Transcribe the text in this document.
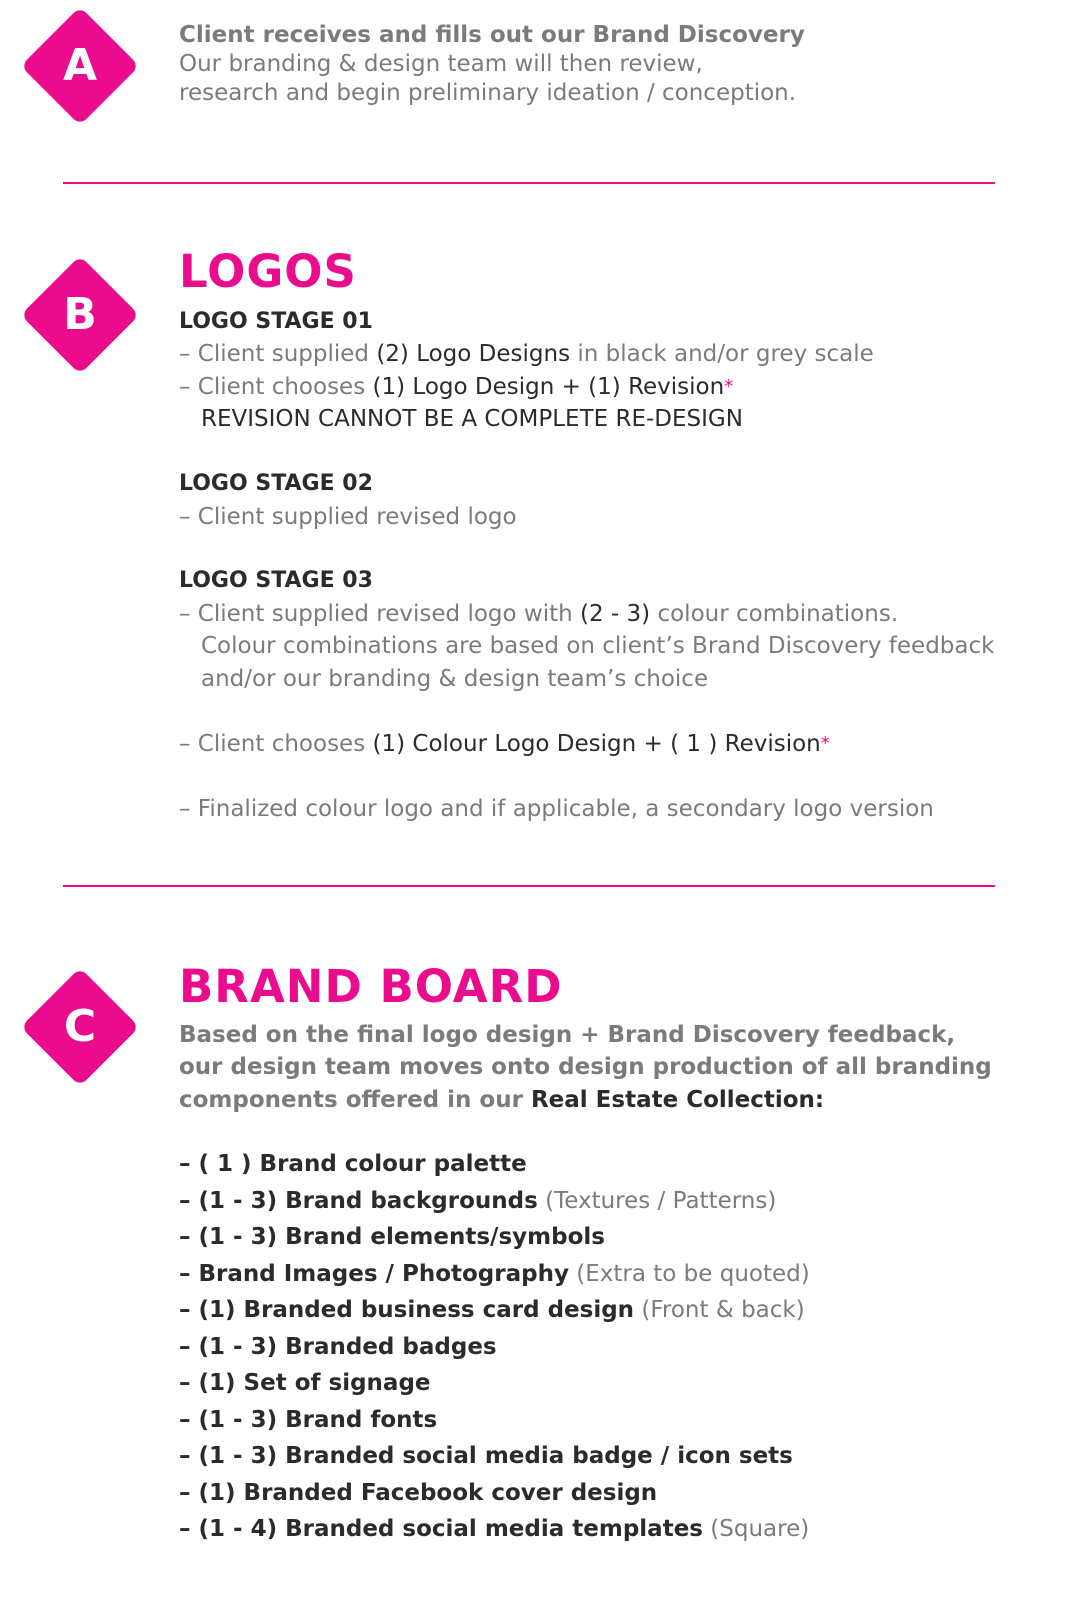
A
Client receives and fills out our Brand Discovery
Our branding & design team will then review,
research and begin preliminary ideation / conception.
B
LOGOS
LOGO STAGE 01
– Client supplied (2) Logo Designs in black and/or grey scale
– Client chooses (1) Logo Design + (1) Revision*
REVISION CANNOT BE A COMPLETE RE-DESIGN
LOGO STAGE 02
– Client supplied revised logo
LOGO STAGE 03
– Client supplied revised logo with (2 - 3) colour combinations.
Colour combinations are based on client’s Brand Discovery feedback
and/or our branding & design team’s choice
– Client chooses (1) Colour Logo Design + ( 1 ) Revision*
– Finalized colour logo and if applicable, a secondary logo version
C
BRAND BOARD
Based on the final logo design + Brand Discovery feedback,
our design team moves onto design production of all branding
components offered in our Real Estate Collection:
– ( 1 ) Brand colour palette
– (1 - 3) Brand backgrounds (Textures / Patterns)
– (1 - 3) Brand elements/symbols
– Brand Images / Photography (Extra to be quoted)
– (1) Branded business card design (Front & back)
– (1 - 3) Branded badges
– (1) Set of signage
– (1 - 3) Brand fonts
– (1 - 3) Branded social media badge / icon sets
– (1) Branded Facebook cover design
– (1 - 4) Branded social media templates (Square)
